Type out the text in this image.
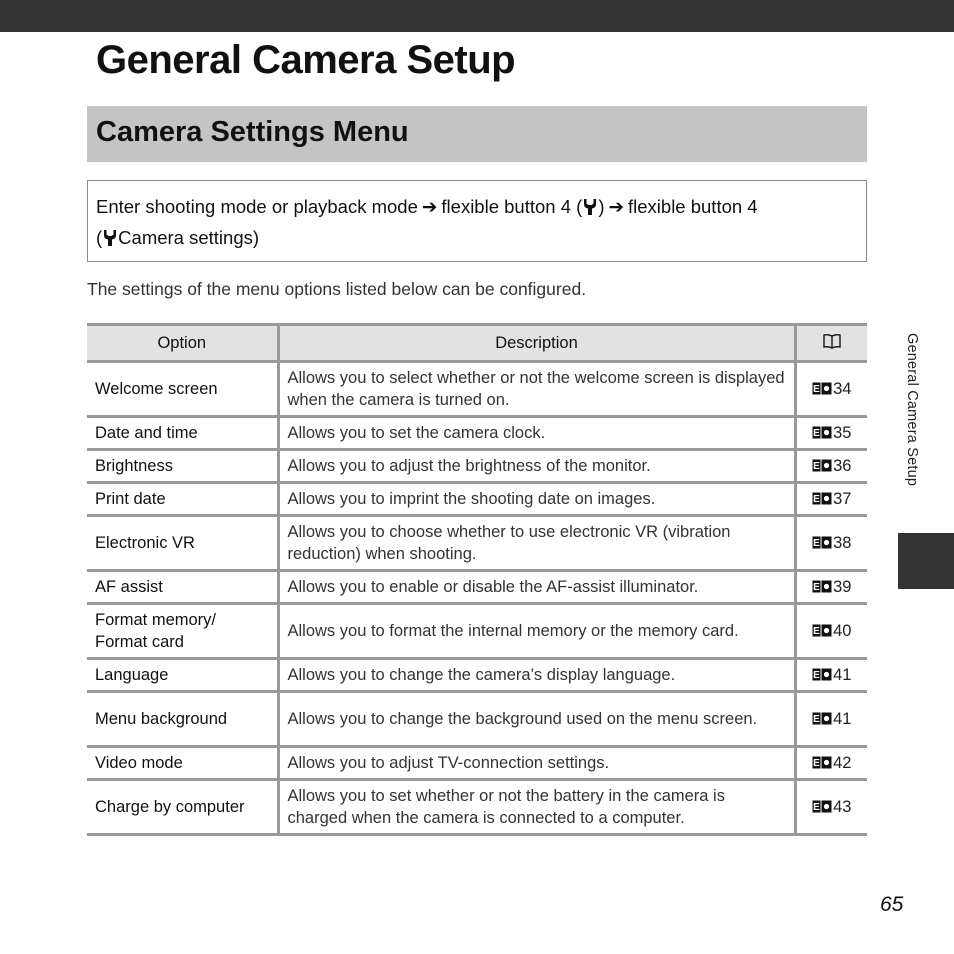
General Camera Setup
Camera Settings Menu
Enter shooting mode or playback mode ➔ flexible button 4 ( ) ➔ flexible button 4
( Camera settings)
The settings of the menu options listed below can be configured.
Option	Description	
Welcome screen	Allows you to select whether or not the welcome screen is displayed when the camera is turned on.	E 34
Date and time	Allows you to set the camera clock.	E 35
Brightness	Allows you to adjust the brightness of the monitor.	E 36
Print date	Allows you to imprint the shooting date on images.	E 37
Electronic VR	Allows you to choose whether to use electronic VR (vibration reduction) when shooting.	E 38
AF assist	Allows you to enable or disable the AF-assist illuminator.	E 39
Format memory/ Format card	Allows you to format the internal memory or the memory card.	E 40
Language	Allows you to change the camera’s display language.	E 41
Menu background	Allows you to change the background used on the menu screen.	E 41
Video mode	Allows you to adjust TV-connection settings.	E 42
Charge by computer	Allows you to set whether or not the battery in the camera is charged when the camera is connected to a computer.	E 43
General Camera Setup
65
